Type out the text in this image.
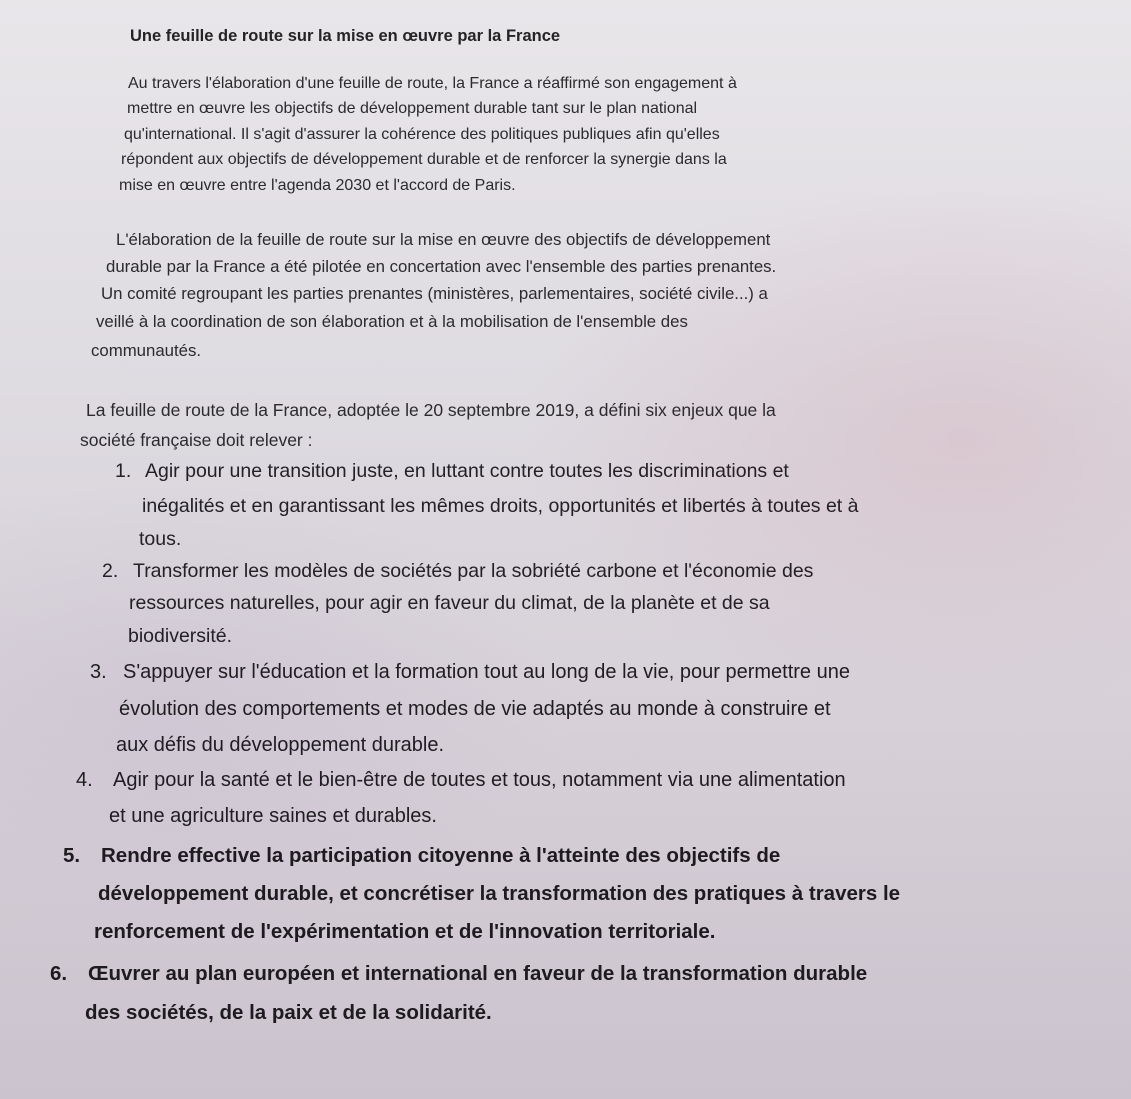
Une feuille de route sur la mise en œuvre par la France

Au travers l'élaboration d'une feuille de route, la France a réaffirmé son engagement à

mettre en œuvre les objectifs de développement durable tant sur le plan national

qu'international. Il s'agit d'assurer la cohérence des politiques publiques afin qu'elles

répondent aux objectifs de développement durable et de renforcer la synergie dans la

mise en œuvre entre l'agenda 2030 et l'accord de Paris.

L'élaboration de la feuille de route sur la mise en œuvre des objectifs de développement

durable par la France a été pilotée en concertation avec l'ensemble des parties prenantes.

Un comité regroupant les parties prenantes (ministères, parlementaires, société civile...) a

veillé à la coordination de son élaboration et à la mobilisation de l'ensemble des

communautés.

La feuille de route de la France, adoptée le 20 septembre 2019, a défini six enjeux que la

société française doit relever :

1. Agir pour une transition juste, en luttant contre toutes les discriminations et

inégalités et en garantissant les mêmes droits, opportunités et libertés à toutes et à

tous.

2. Transformer les modèles de sociétés par la sobriété carbone et l'économie des

ressources naturelles, pour agir en faveur du climat, de la planète et de sa

biodiversité.

3. S'appuyer sur l'éducation et la formation tout au long de la vie, pour permettre une

évolution des comportements et modes de vie adaptés au monde à construire et

aux défis du développement durable.

4. Agir pour la santé et le bien-être de toutes et tous, notamment via une alimentation

et une agriculture saines et durables.

5. Rendre effective la participation citoyenne à l'atteinte des objectifs de

développement durable, et concrétiser la transformation des pratiques à travers le

renforcement de l'expérimentation et de l'innovation territoriale.

6. Œuvrer au plan européen et international en faveur de la transformation durable

des sociétés, de la paix et de la solidarité.
